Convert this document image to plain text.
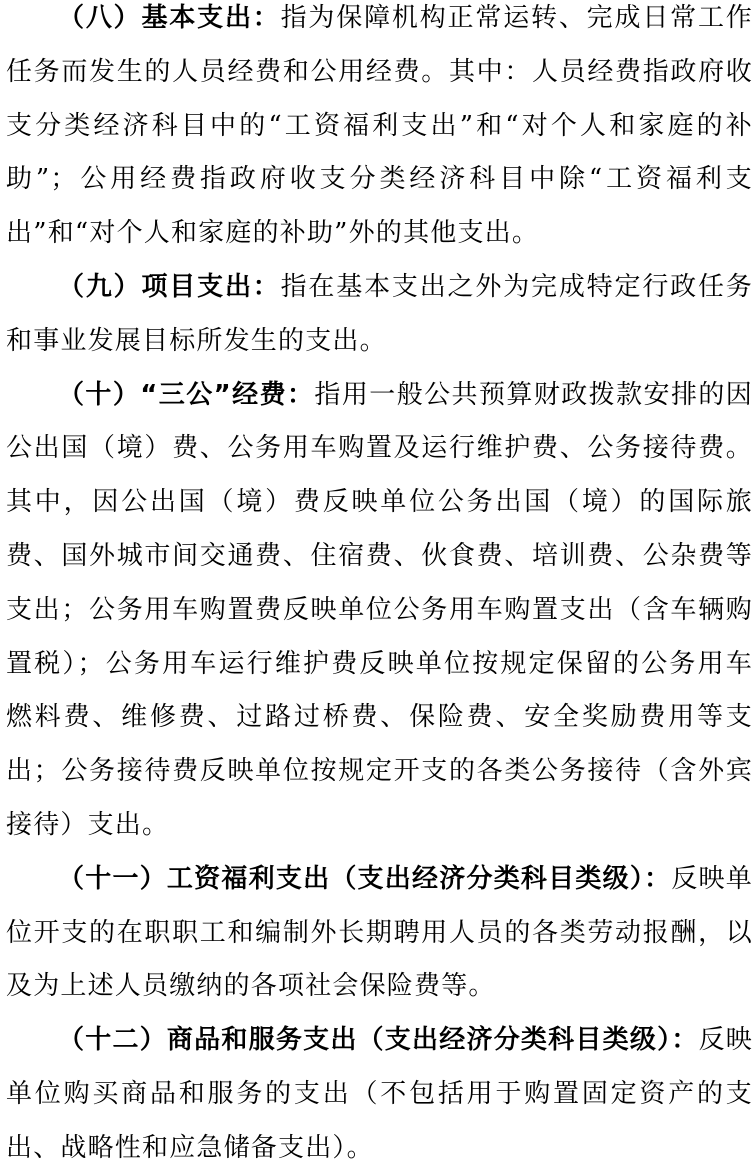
（八）基本支出：指为保障机构正常运转、完成日常工作任务而发生的人员经费和公用经费。其中：人员经费指政府收支分类经济科目中的“工资福利支出”和“对个人和家庭的补助”；公用经费指政府收支分类经济科目中除“工资福利支出”和“对个人和家庭的补助”外的其他支出。

（九）项目支出：指在基本支出之外为完成特定行政任务和事业发展目标所发生的支出。

（十）“三公”经费：指用一般公共预算财政拨款安排的因公出国（境）费、公务用车购置及运行维护费、公务接待费。其中，因公出国（境）费反映单位公务出国（境）的国际旅费、国外城市间交通费、住宿费、伙食费、培训费、公杂费等支出；公务用车购置费反映单位公务用车购置支出（含车辆购置税）；公务用车运行维护费反映单位按规定保留的公务用车燃料费、维修费、过路过桥费、保险费、安全奖励费用等支出；公务接待费反映单位按规定开支的各类公务接待（含外宾接待）支出。

（十一）工资福利支出（支出经济分类科目类级）：反映单位开支的在职职工和编制外长期聘用人员的各类劳动报酬，以及为上述人员缴纳的各项社会保险费等。

（十二）商品和服务支出（支出经济分类科目类级）：反映单位购买商品和服务的支出（不包括用于购置固定资产的支出、战略性和应急储备支出）。
